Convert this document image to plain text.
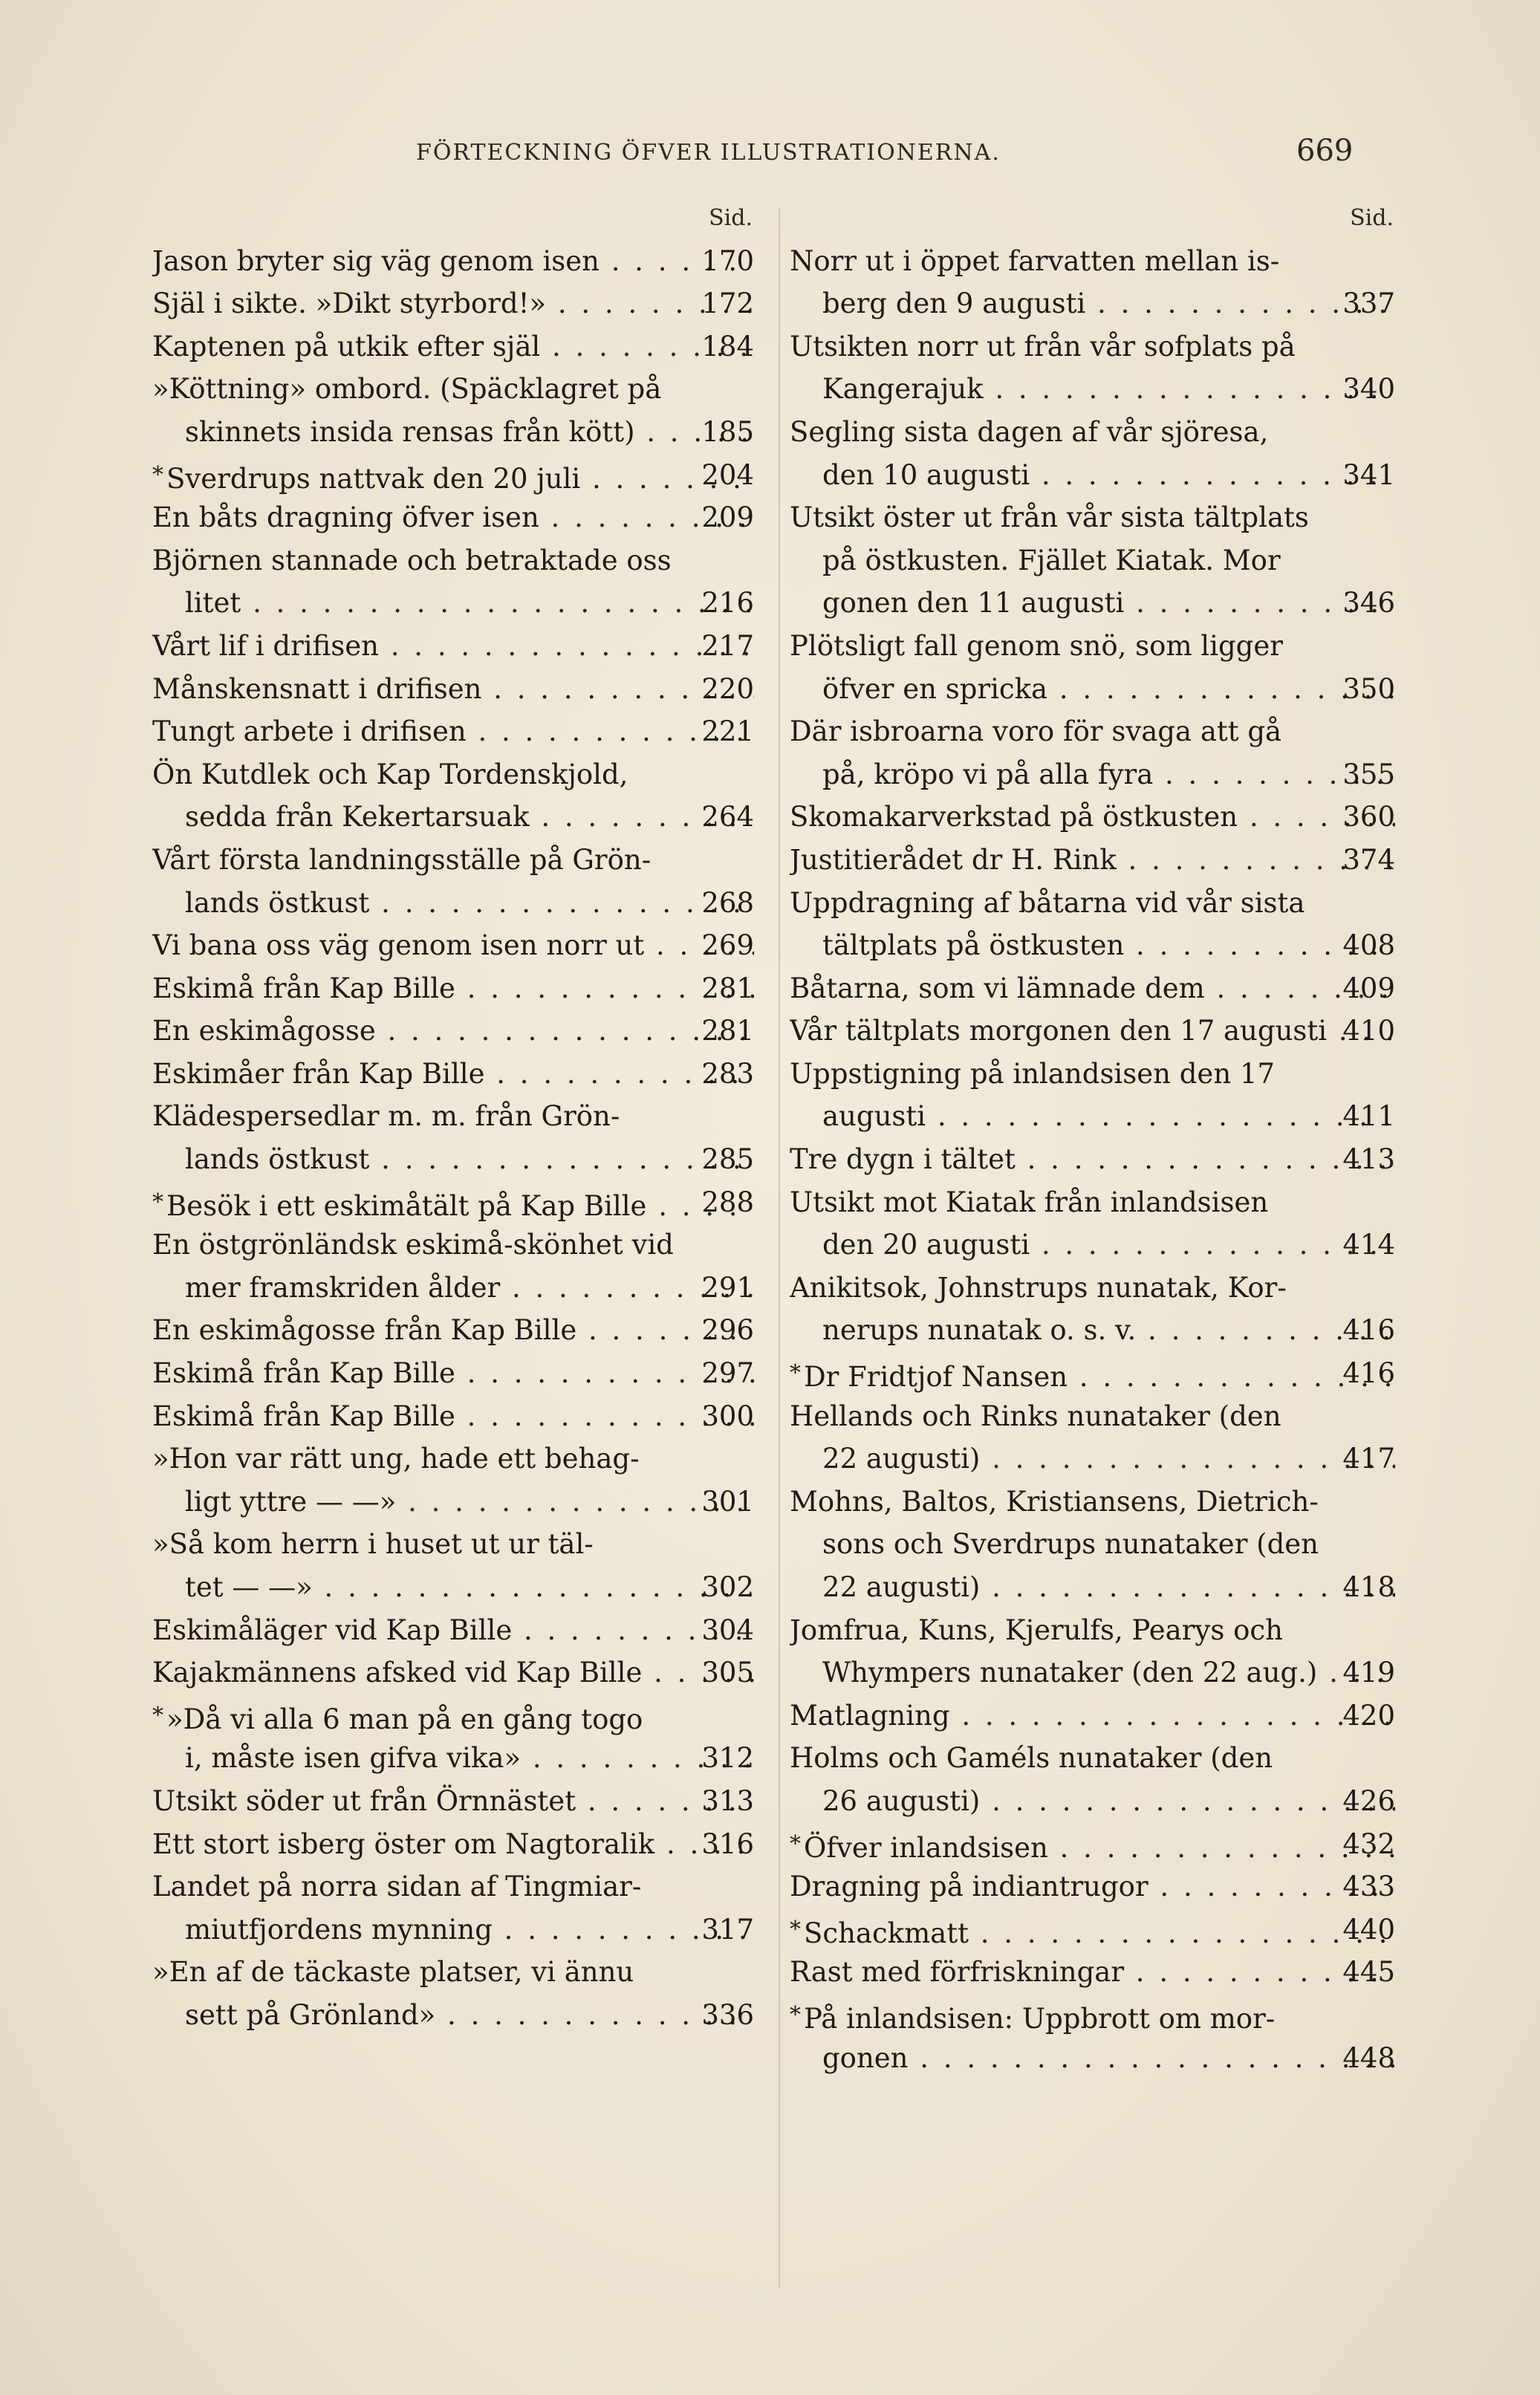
FÖRTECKNING ÖFVER ILLUSTRATIONERNA.	669
Sid.
Jason bryter sig väg genom isen . . .	170
Själ i sikte. »Dikt styrbord!» . . .	172
Kaptenen på utkik efter själ . . .	184
»Köttning» ombord. (Späcklagret på
skinnets insida rensas från kött) . . .	185
* Sverdrups nattvak den 20 juli . . .	204
En båts dragning öfver isen . . .	209
Björnen stannade och betraktade oss
litet . . .	216
Vårt lif i drifisen . . .	217
Månskensnatt i drifisen . . .	220
Tungt arbete i drifisen . . .	221
Ön Kutdlek och Kap Tordenskjold,
sedda från Kekertarsuak . . .	264
Vårt första landningsställe på Grön-
lands östkust . . .	268
Vi bana oss väg genom isen norr ut . . .	269
Eskimå från Kap Bille . . .	281
En eskimågosse . . .	281
Eskimåer från Kap Bille . . .	283
Klädespersedlar m. m. från Grön-
lands östkust . . .	285
* Besök i ett eskimåtält på Kap Bille . . .	288
En östgrönländsk eskimå-skönhet vid
mer framskriden ålder . . .	291
En eskimågosse från Kap Bille . . .	296
Eskimå från Kap Bille . . .	297
Eskimå från Kap Bille . . .	300
»Hon var rätt ung, hade ett behag-
ligt yttre — —» . . .	301
»Så kom herrn i huset ut ur täl-
tet — —» . . .	302
Eskimåläger vid Kap Bille . . .	304
Kajakmännens afsked vid Kap Bille . . .	305
* »Då vi alla 6 man på en gång togo
i, måste isen gifva vika» . . .	312
Utsikt söder ut från Örnnästet . . .	313
Ett stort isberg öster om Nagtoralik . . .	316
Landet på norra sidan af Tingmiar-
miutfjordens mynning . . .	317
»En af de täckaste platser, vi ännu
sett på Grönland» . . .	336
Sid.
Norr ut i öppet farvatten mellan is-
berg den 9 augusti . . .	337
Utsikten norr ut från vår sofplats på
Kangerajuk . . .	340
Segling sista dagen af vår sjöresa,
den 10 augusti . . .	341
Utsikt öster ut från vår sista tältplats
på östkusten. Fjället Kiatak. Mor
gonen den 11 augusti . . .	346
Plötsligt fall genom snö, som ligger
öfver en spricka . . .	350
Där isbroarna voro för svaga att gå
på, kröpo vi på alla fyra . . .	355
Skomakarverkstad på östkusten . . .	360
Justitierådet dr H. Rink . . .	374
Uppdragning af båtarna vid vår sista
tältplats på östkusten . . .	408
Båtarna, som vi lämnade dem . . .	409
Vår tältplats morgonen den 17 augusti . . . 410
Uppstigning på inlandsisen den 17
augusti . . .	411
Tre dygn i tältet . . .	413
Utsikt mot Kiatak från inlandsisen
den 20 augusti . . .	414
Anikitsok, Johnstrups nunatak, Kor-
nerups nunatak o. s. v. . . .	416
* Dr Fridtjof Nansen . . .	416
Hellands och Rinks nunataker (den
22 augusti) . . .	417
Mohns, Baltos, Kristiansens, Dietrich-
sons och Sverdrups nunataker (den
22 augusti) . . .	418
Jomfrua, Kuns, Kjerulfs, Pearys och
Whympers nunataker (den 22 aug.) . . . 419
Matlagning . . .	420
Holms och Gaméls nunataker (den
26 augusti) . . .	426
* Öfver inlandsisen . . .	432
Dragning på indiantrugor . . .	433
* Schackmatt . . .	440
Rast med förfriskningar . . .	445
* På inlandsisen: Uppbrott om mor-
gonen . . .	448
